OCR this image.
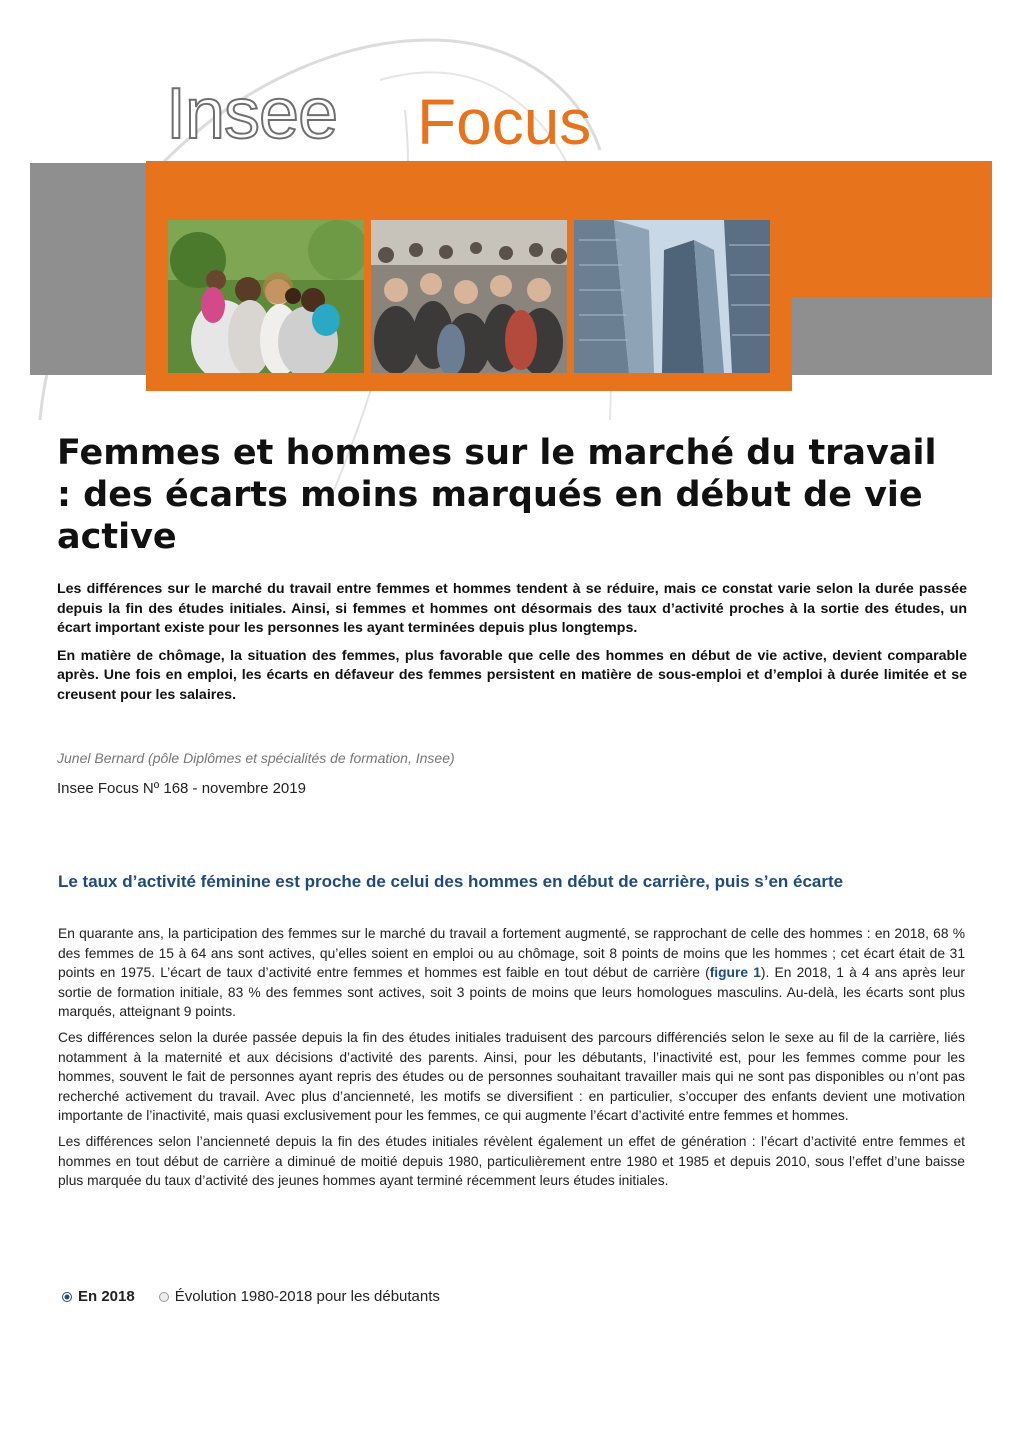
Insee Focus
Femmes et hommes sur le marché du travail : des écarts moins marqués en début de vie active

Les différences sur le marché du travail entre femmes et hommes tendent à se réduire, mais ce constat varie selon la durée passée depuis la fin des études initiales. Ainsi, si femmes et hommes ont désormais des taux d’activité proches à la sortie des études, un écart important existe pour les personnes les ayant terminées depuis plus longtemps.

En matière de chômage, la situation des femmes, plus favorable que celle des hommes en début de vie active, devient comparable après. Une fois en emploi, les écarts en défaveur des femmes persistent en matière de sous-emploi et d’emploi à durée limitée et se creusent pour les salaires.

Junel Bernard (pôle Diplômes et spécialités de formation, Insee)
Insee Focus Nº 168 - novembre 2019
Le taux d’activité féminine est proche de celui des hommes en début de carrière, puis s’en écarte

En quarante ans, la participation des femmes sur le marché du travail a fortement augmenté, se rapprochant de celle des hommes : en 2018, 68 % des femmes de 15 à 64 ans sont actives, qu’elles soient en emploi ou au chômage, soit 8 points de moins que les hommes ; cet écart était de 31 points en 1975. L’écart de taux d’activité entre femmes et hommes est faible en tout début de carrière (figure 1). En 2018, 1 à 4 ans après leur sortie de formation initiale, 83 % des femmes sont actives, soit 3 points de moins que leurs homologues masculins. Au-delà, les écarts sont plus marqués, atteignant 9 points.

Ces différences selon la durée passée depuis la fin des études initiales traduisent des parcours différenciés selon le sexe au fil de la carrière, liés notamment à la maternité et aux décisions d’activité des parents. Ainsi, pour les débutants, l’inactivité est, pour les femmes comme pour les hommes, souvent le fait de personnes ayant repris des études ou de personnes souhaitant travailler mais qui ne sont pas disponibles ou n’ont pas recherché activement du travail. Avec plus d’ancienneté, les motifs se diversifient : en particulier, s’occuper des enfants devient une motivation importante de l’inactivité, mais quasi exclusivement pour les femmes, ce qui augmente l’écart d’activité entre femmes et hommes.

Les différences selon l’ancienneté depuis la fin des études initiales révèlent également un effet de génération : l’écart d’activité entre femmes et hommes en tout début de carrière a diminué de moitié depuis 1980, particulièrement entre 1980 et 1985 et depuis 2010, sous l’effet d’une baisse plus marquée du taux d’activité des jeunes hommes ayant terminé récemment leurs études initiales.

En 2018	Évolution 1980-2018 pour les débutants
